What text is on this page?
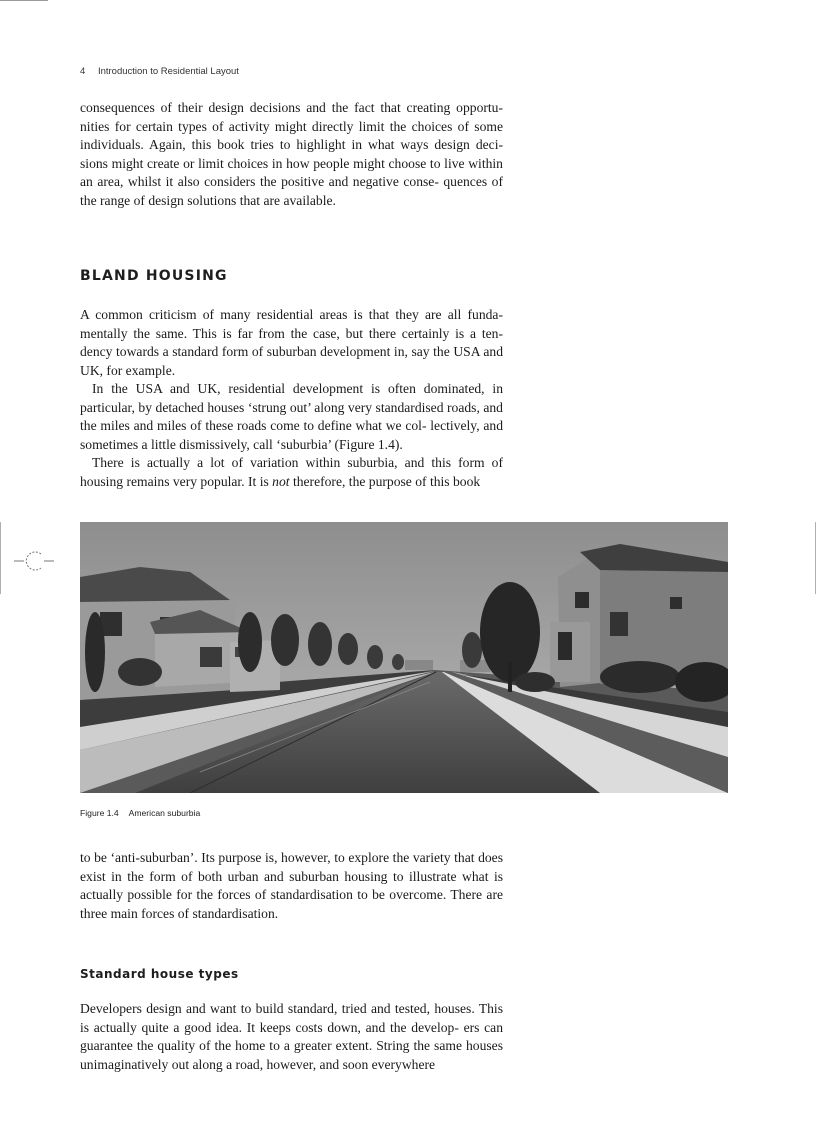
4 Introduction to Residential Layout

consequences of their design decisions and the fact that creating opportu- nities for certain types of activity might directly limit the choices of some individuals. Again, this book tries to highlight in what ways design deci- sions might create or limit choices in how people might choose to live within an area, whilst it also considers the positive and negative conse- quences of the range of design solutions that are available.

BLAND HOUSING

A common criticism of many residential areas is that they are all funda- mentally the same. This is far from the case, but there certainly is a ten- dency towards a standard form of suburban development in, say the USA and UK, for example.

In the USA and UK, residential development is often dominated, in particular, by detached houses ‘strung out’ along very standardised roads, and the miles and miles of these roads come to define what we col- lectively, and sometimes a little dismissively, call ‘suburbia’ (Figure 1.4).

There is actually a lot of variation within suburbia, and this form of housing remains very popular. It is not therefore, the purpose of this book

Figure 1.4 American suburbia

to be ‘anti-suburban’. Its purpose is, however, to explore the variety that does exist in the form of both urban and suburban housing to illustrate what is actually possible for the forces of standardisation to be overcome. There are three main forces of standardisation.

Standard house types

Developers design and want to build standard, tried and tested, houses. This is actually quite a good idea. It keeps costs down, and the develop- ers can guarantee the quality of the home to a greater extent. String the same houses unimaginatively out along a road, however, and soon everywhere
